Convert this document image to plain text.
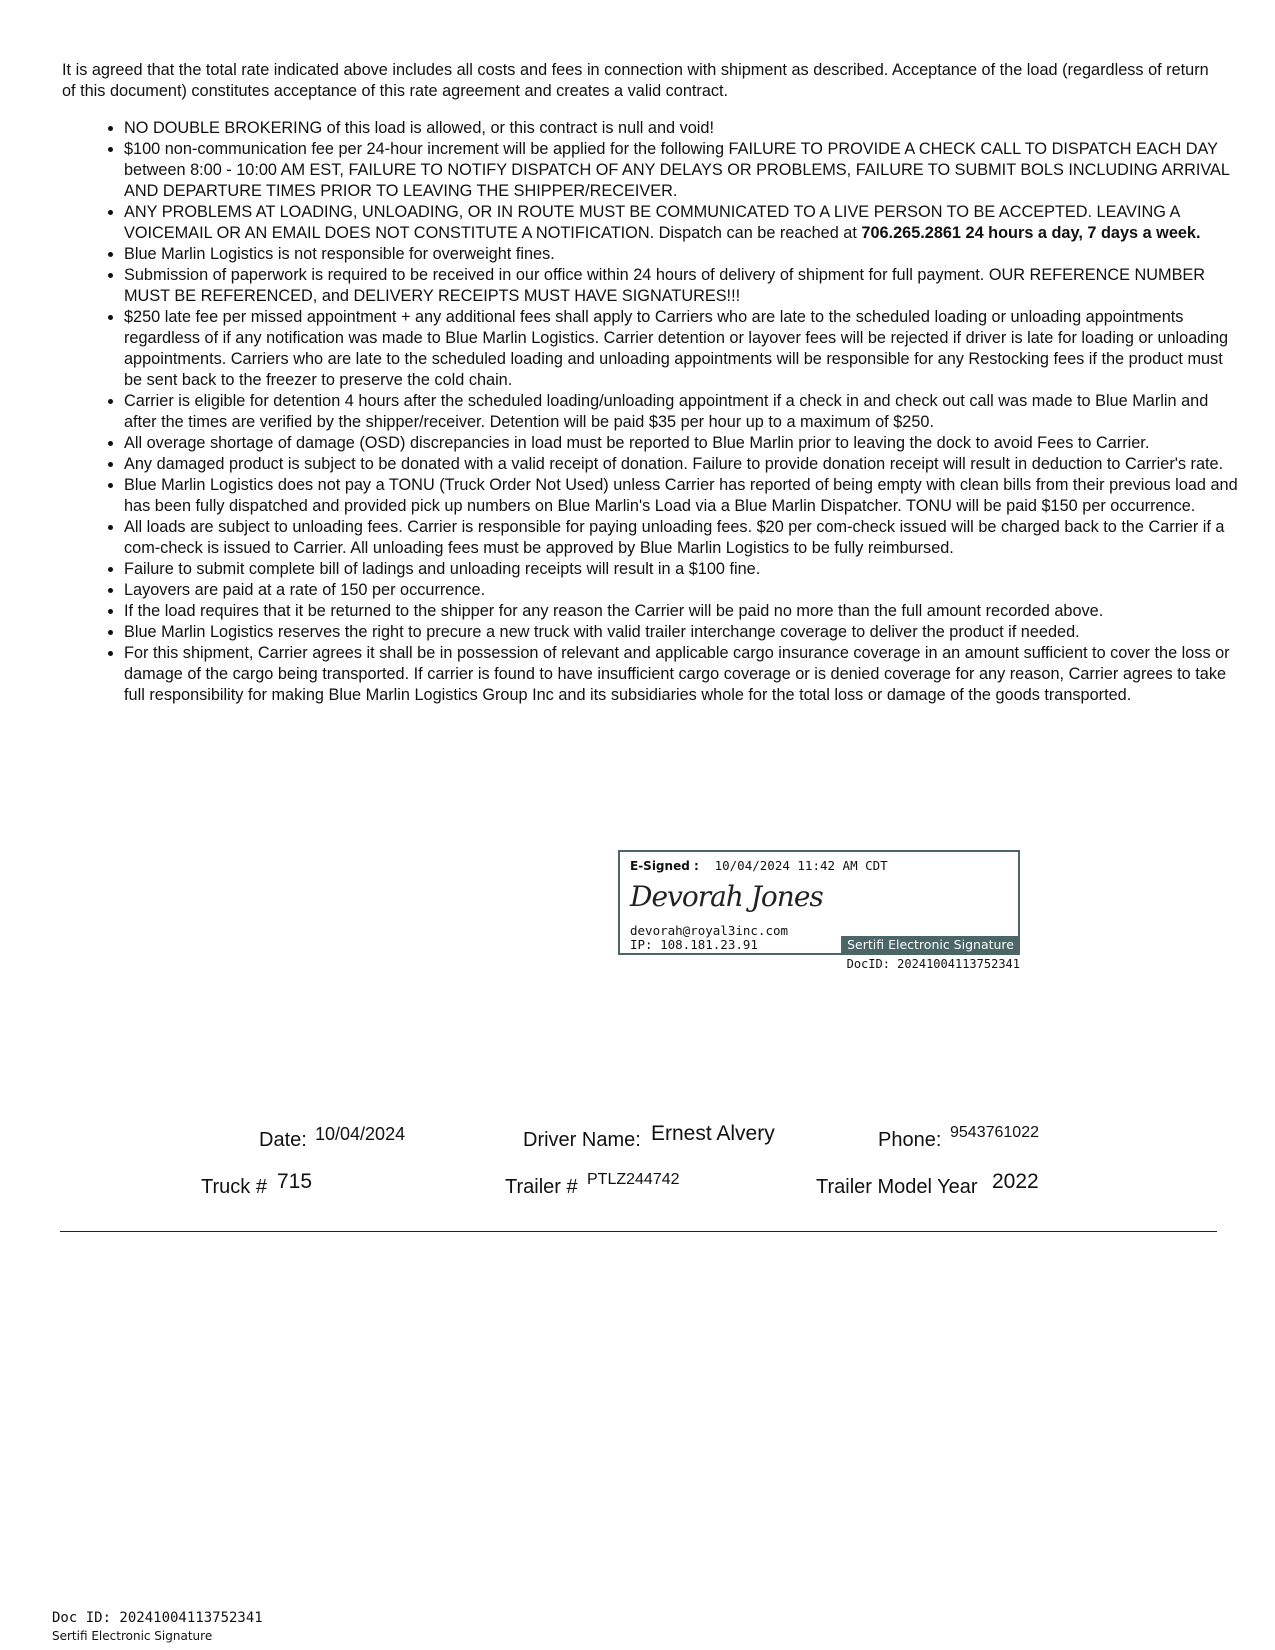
It is agreed that the total rate indicated above includes all costs and fees in connection with shipment as described. Acceptance of the load (regardless of return of this document) constitutes acceptance of this rate agreement and creates a valid contract.

• NO DOUBLE BROKERING of this load is allowed, or this contract is null and void!
• $100 non-communication fee per 24-hour increment will be applied for the following FAILURE TO PROVIDE A CHECK CALL TO DISPATCH EACH DAY between 8:00 - 10:00 AM EST, FAILURE TO NOTIFY DISPATCH OF ANY DELAYS OR PROBLEMS, FAILURE TO SUBMIT BOLS INCLUDING ARRIVAL AND DEPARTURE TIMES PRIOR TO LEAVING THE SHIPPER/RECEIVER.
• ANY PROBLEMS AT LOADING, UNLOADING, OR IN ROUTE MUST BE COMMUNICATED TO A LIVE PERSON TO BE ACCEPTED. LEAVING A VOICEMAIL OR AN EMAIL DOES NOT CONSTITUTE A NOTIFICATION. Dispatch can be reached at 706.265.2861 24 hours a day, 7 days a week.
• Blue Marlin Logistics is not responsible for overweight fines.
• Submission of paperwork is required to be received in our office within 24 hours of delivery of shipment for full payment. OUR REFERENCE NUMBER MUST BE REFERENCED, and DELIVERY RECEIPTS MUST HAVE SIGNATURES!!!
• $250 late fee per missed appointment + any additional fees shall apply to Carriers who are late to the scheduled loading or unloading appointments regardless of if any notification was made to Blue Marlin Logistics. Carrier detention or layover fees will be rejected if driver is late for loading or unloading appointments. Carriers who are late to the scheduled loading and unloading appointments will be responsible for any Restocking fees if the product must be sent back to the freezer to preserve the cold chain.
• Carrier is eligible for detention 4 hours after the scheduled loading/unloading appointment if a check in and check out call was made to Blue Marlin and after the times are verified by the shipper/receiver. Detention will be paid $35 per hour up to a maximum of $250.
• All overage shortage of damage (OSD) discrepancies in load must be reported to Blue Marlin prior to leaving the dock to avoid Fees to Carrier.
• Any damaged product is subject to be donated with a valid receipt of donation. Failure to provide donation receipt will result in deduction to Carrier's rate.
• Blue Marlin Logistics does not pay a TONU (Truck Order Not Used) unless Carrier has reported of being empty with clean bills from their previous load and has been fully dispatched and provided pick up numbers on Blue Marlin's Load via a Blue Marlin Dispatcher. TONU will be paid $150 per occurrence.
• All loads are subject to unloading fees. Carrier is responsible for paying unloading fees. $20 per com-check issued will be charged back to the Carrier if a com-check is issued to Carrier. All unloading fees must be approved by Blue Marlin Logistics to be fully reimbursed.
• Failure to submit complete bill of ladings and unloading receipts will result in a $100 fine.
• Layovers are paid at a rate of 150 per occurrence.
• If the load requires that it be returned to the shipper for any reason the Carrier will be paid no more than the full amount recorded above.
• Blue Marlin Logistics reserves the right to precure a new truck with valid trailer interchange coverage to deliver the product if needed.
• For this shipment, Carrier agrees it shall be in possession of relevant and applicable cargo insurance coverage in an amount sufficient to cover the loss or damage of the cargo being transported. If carrier is found to have insufficient cargo coverage or is denied coverage for any reason, Carrier agrees to take full responsibility for making Blue Marlin Logistics Group Inc and its subsidiaries whole for the total loss or damage of the goods transported.
E-Signed : 10/04/2024 11:42 AM CDT
Devorah Jones
devorah@royal3inc.com
IP: 108.181.23.91	Sertifi Electronic Signature
DocID: 20241004113752341
Date: 10/04/2024	Driver Name: Ernest Alvery	Phone: 9543761022
Truck # 715	Trailer # PTLZ244742	Trailer Model Year 2022
Doc ID: 20241004113752341
Sertifi Electronic Signature
